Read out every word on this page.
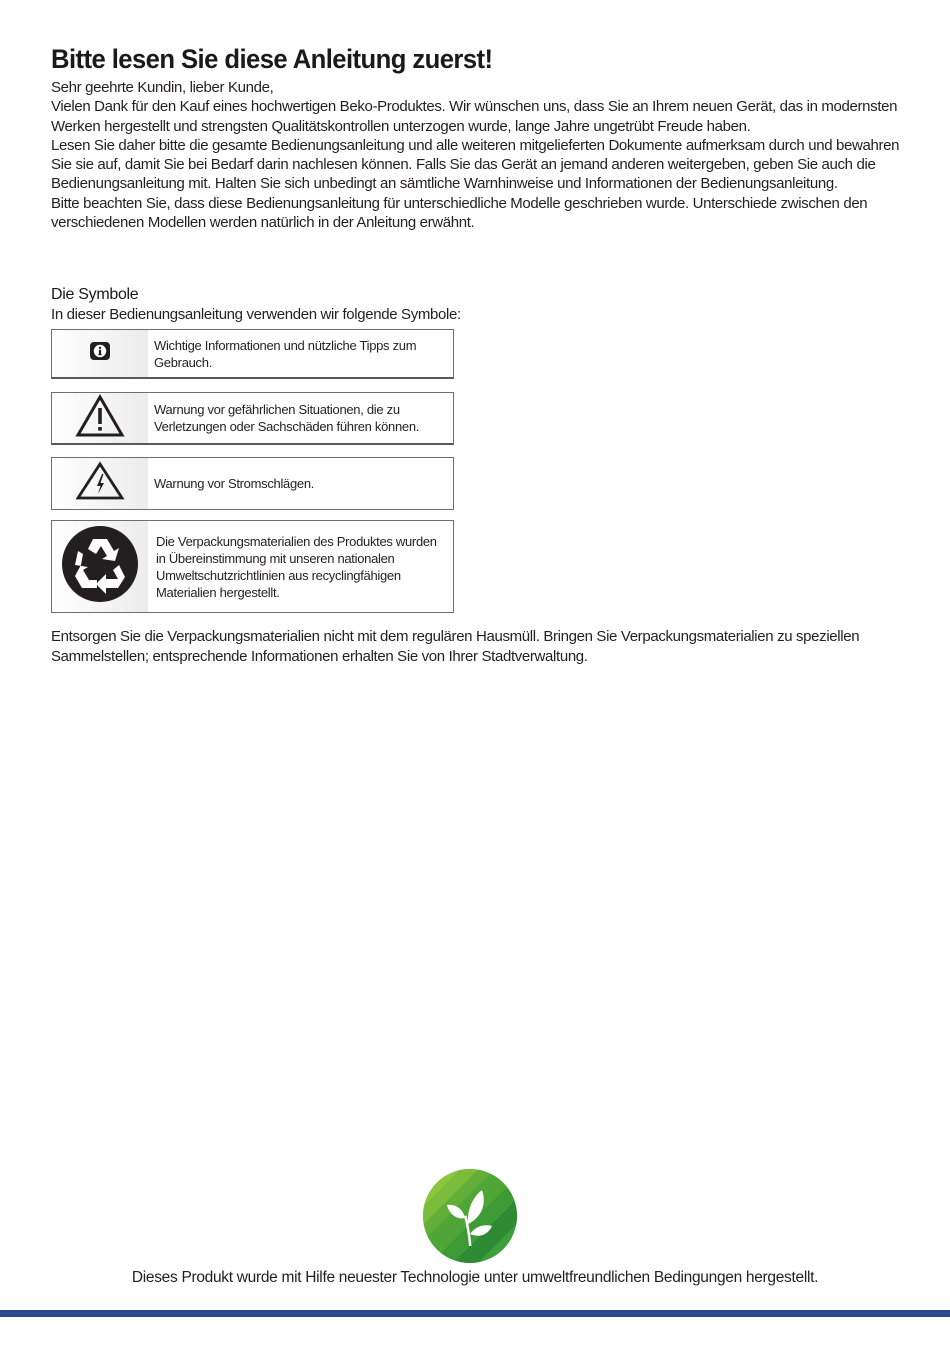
Bitte lesen Sie diese Anleitung zuerst!

Sehr geehrte Kundin, lieber Kunde,

Vielen Dank für den Kauf eines hochwertigen Beko-Produktes. Wir wünschen uns, dass Sie an Ihrem neuen Gerät, das in modernsten Werken hergestellt und strengsten Qualitätskontrollen unterzogen wurde, lange Jahre ungetrübt Freude haben.

Lesen Sie daher bitte die gesamte Bedienungsanleitung und alle weiteren mitgelieferten Dokumente aufmerksam durch und bewahren Sie sie auf, damit Sie bei Bedarf darin nachlesen können. Falls Sie das Gerät an jemand anderen weitergeben, geben Sie auch die Bedienungsanleitung mit. Halten Sie sich unbedingt an sämtliche Warnhinweise und Informationen der Bedienungsanleitung.

Bitte beachten Sie, dass diese Bedienungsanleitung für unterschiedliche Modelle geschrieben wurde. Unterschiede zwischen den verschiedenen Modellen werden natürlich in der Anleitung erwähnt.

Die Symbole
In dieser Bedienungsanleitung verwenden wir folgende Symbole:
Wichtige Informationen und nützliche Tipps zum Gebrauch.
Warnung vor gefährlichen Situationen, die zu Verletzungen oder Sachschäden führen können.
Warnung vor Stromschlägen.
Die Verpackungsmaterialien des Produktes wurden in Übereinstimmung mit unseren nationalen Umweltschutzrichtlinien aus recyclingfähigen Materialien hergestellt.
Entsorgen Sie die Verpackungsmaterialien nicht mit dem regulären Hausmüll. Bringen Sie Verpackungsmaterialien zu speziellen Sammelstellen; entsprechende Informationen erhalten Sie von Ihrer Stadtverwaltung.
Dieses Produkt wurde mit Hilfe neuester Technologie unter umweltfreundlichen Bedingungen hergestellt.
